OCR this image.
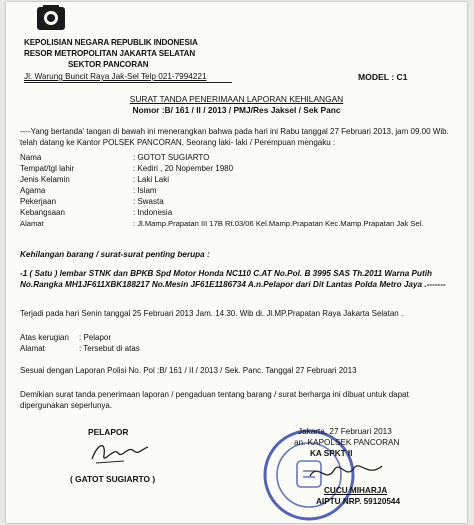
KEPOLISIAN NEGARA REPUBLIK INDONESIA
RESOR METROPOLITAN JAKARTA SELATAN
SEKTOR PANCORAN
Jl. Warung Buncit Raya Jak-Sel Telp 021-7994221	MODEL : C1
SURAT TANDA PENERIMAAN LAPORAN KEHILANGAN
Nomor :B/ 161 / II / 2013 / PMJ/Res Jaksel / Sek Panc
----Yang bertanda' tangan di bawah ini menerangkan bahwa pada hari ini Rabu tanggal 27 Februari 2013, jam 09.00 Wib. telah datang ke Kantor POLSEK PANCORAN, Seorang laki- laki / Perempuan mengaku :
Nama	: GOTOT SUGIARTO
Tempat/tgl lahir	: Kediri , 20 Nopember 1980
Jenis Kelamin	: Laki Laki
Agama	: Islam
Pekerjaan	: Swasta
Kebangsaan	: Indonesia
Alamat	: Jl.Mamp.Prapatan III 17B Rt.03/06 Kel.Mamp.Prapatan Kec.Mamp.Prapatan Jak Sel.
Kehilangan barang / surat-surat penting berupa :
-1 ( Satu ) lembar STNK dan BPKB Spd Motor Honda NC110 C.AT No.Pol. B 3995 SAS Th.2011 Warna Putih No.Rangka MH1JF611XBK188217 No.Mesin JF61E1186734 A.n.Pelapor dari Dit Lantas Polda Metro Jaya .-------
Terjadi pada hari Senin tanggal 25 Februari 2013 Jam. 14.30. Wib di. Jl.MP.Prapatan Raya Jakarta Selatan .
Atas kerugian : Pelapor
Alamat	: Tersebut di atas
Sesuai dengan Laporan Polisi No. Pol :B/ 161 / II / 2013 / Sek. Panc. Tanggal 27 Februari 2013
Demikian surat tanda penerimaan laporan / pengaduan tentang barang / surat berharga ini dibuat untuk dapat dipergunakan seperlunya.
PELAPOR
( GATOT SUGIARTO )
Jakarta, 27 Februari 2013
an. KAPOLSEK PANCORAN
KA SPKT II
CUCU MIHARJA
AIPTU NRP. 59120544
